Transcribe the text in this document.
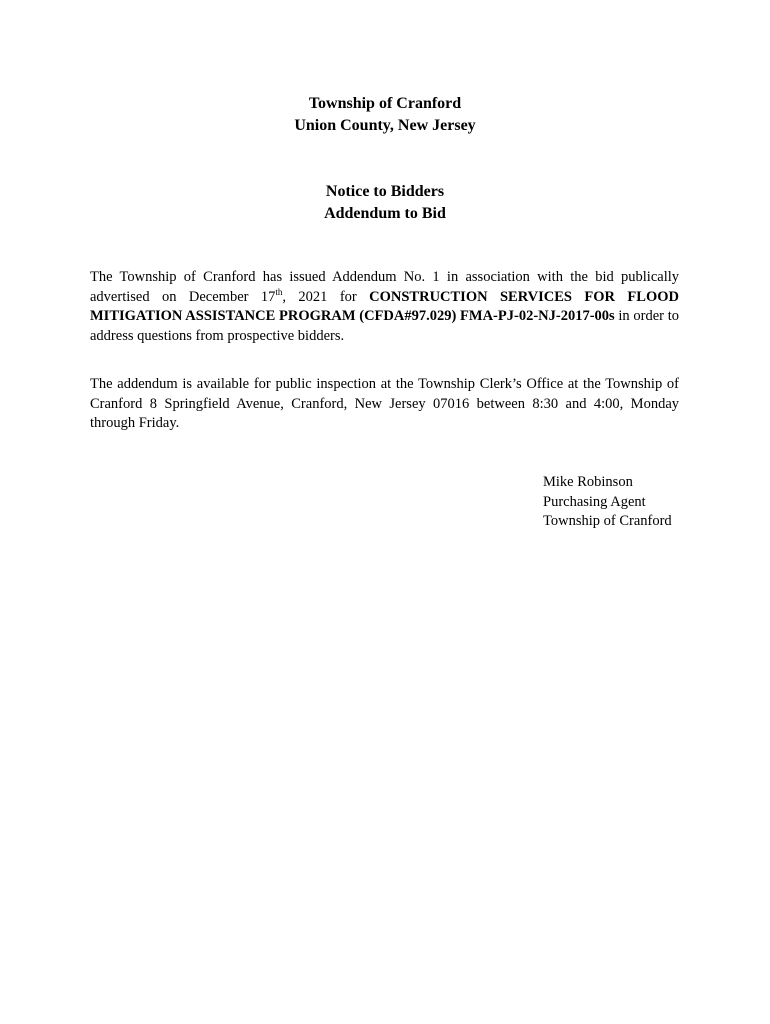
Township of Cranford
Union County, New Jersey
Notice to Bidders
Addendum to Bid
The Township of Cranford has issued Addendum No. 1 in association with the bid publically advertised on December 17th, 2021 for CONSTRUCTION SERVICES FOR FLOOD MITIGATION ASSISTANCE PROGRAM (CFDA#97.029) FMA-PJ-02-NJ-2017-00s in order to address questions from prospective bidders.
The addendum is available for public inspection at the Township Clerk’s Office at the Township of Cranford 8 Springfield Avenue, Cranford, New Jersey 07016 between 8:30 and 4:00, Monday through Friday.
Mike Robinson
Purchasing Agent
Township of Cranford
